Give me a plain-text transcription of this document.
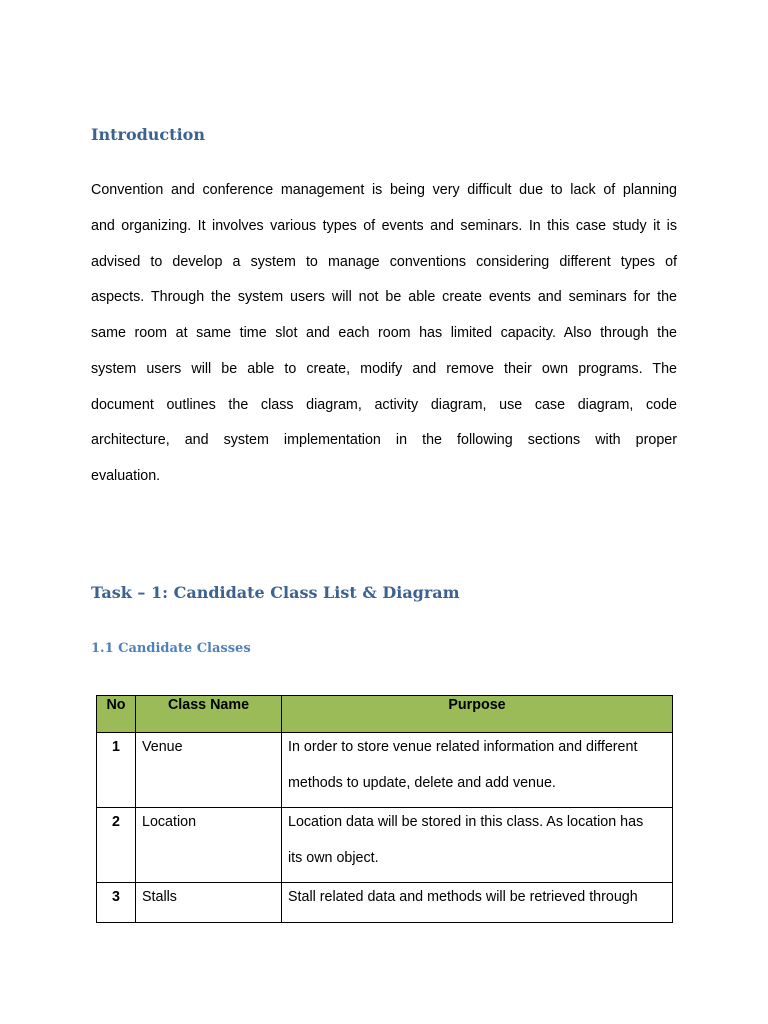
Introduction
Convention and conference management is being very difficult due to lack of planning
and organizing. It involves various types of events and seminars. In this case study it is
advised to develop a system to manage conventions considering different types of
aspects. Through the system users will not be able create events and seminars for the
same room at same time slot and each room has limited capacity. Also through the
system users will be able to create, modify and remove their own programs. The
document outlines the class diagram, activity diagram, use case diagram, code
architecture, and system implementation in the following sections with proper
evaluation.
Task – 1: Candidate Class List & Diagram
1.1 Candidate Classes
No	Class Name	Purpose
1	Venue	In order to store venue related information and different
methods to update, delete and add venue.

2	Location	Location data will be stored in this class. As location has
its own object.

3	Stalls	Stall related data and methods will be retrieved through
